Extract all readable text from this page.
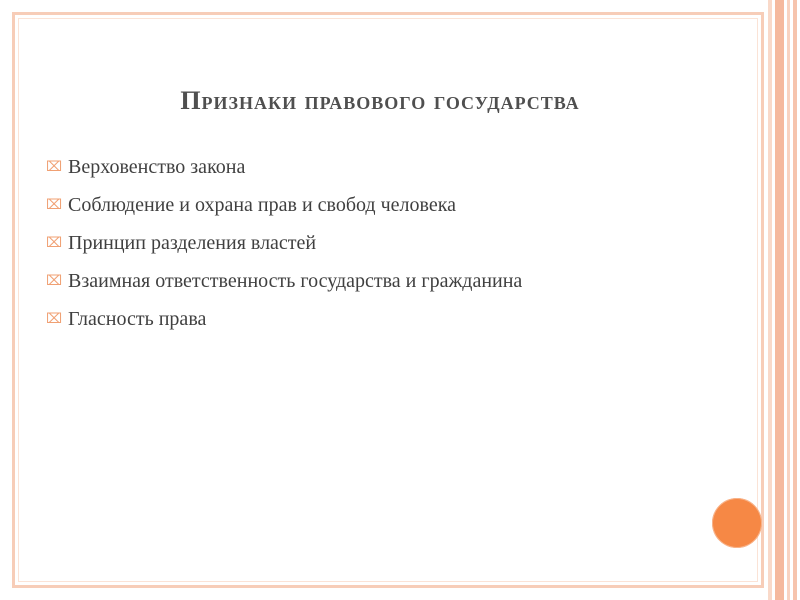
Признаки правового государства
⌧ Верховенство закона
⌧ Соблюдение и охрана прав и свобод человека
⌧ Принцип разделения властей
⌧ Взаимная ответственность государства и гражданина
⌧ Гласность права
